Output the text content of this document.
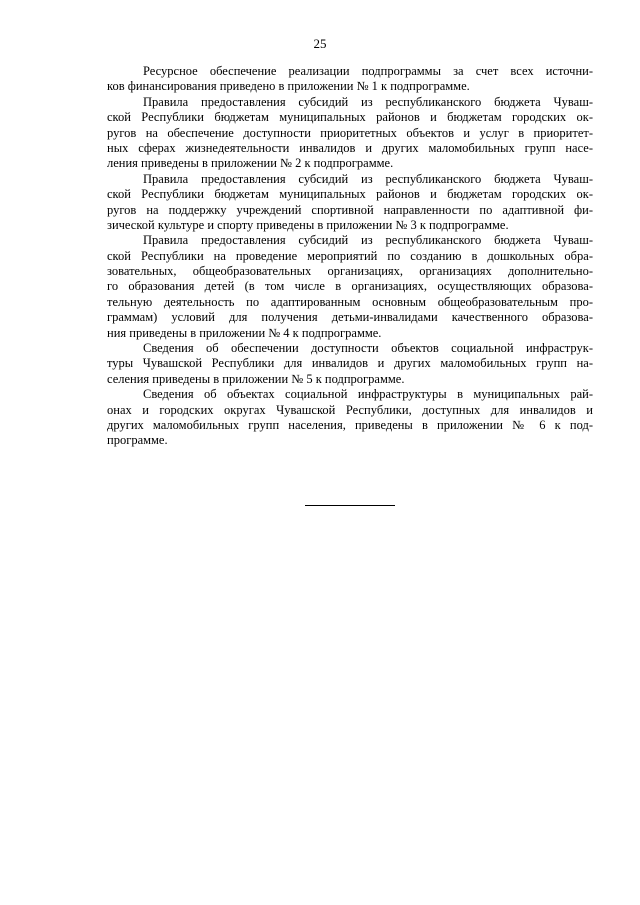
25
Ресурсное обеспечение реализации подпрограммы за счет всех источни-
ков финансирования приведено в приложении № 1 к подпрограмме.
Правила предоставления субсидий из республиканского бюджета Чуваш-
ской Республики бюджетам муниципальных районов и бюджетам городских ок-
ругов на обеспечение доступности приоритетных объектов и услуг в приоритет-
ных сферах жизнедеятельности инвалидов и других маломобильных групп насе-
ления приведены в приложении № 2 к подпрограмме.
Правила предоставления субсидий из республиканского бюджета Чуваш-
ской Республики бюджетам муниципальных районов и бюджетам городских ок-
ругов на поддержку учреждений спортивной направленности по адаптивной фи-
зической культуре и спорту приведены в приложении № 3 к подпрограмме.
Правила предоставления субсидий из республиканского бюджета Чуваш-
ской Республики на проведение мероприятий по созданию в дошкольных обра-
зовательных, общеобразовательных организациях, организациях дополнительно-
го образования детей (в том числе в организациях, осуществляющих образова-
тельную деятельность по адаптированным основным общеобразовательным про-
граммам) условий для получения детьми-инвалидами качественного образова-
ния приведены в приложении № 4 к подпрограмме.
Сведения об обеспечении доступности объектов социальной инфраструк-
туры Чувашской Республики для инвалидов и других маломобильных групп на-
селения приведены в приложении № 5 к подпрограмме.
Сведения об объектах социальной инфраструктуры в муниципальных рай-
онах и городских округах Чувашской Республики, доступных для инвалидов и
других маломобильных групп населения, приведены в приложении № 6 к под-
программе.
